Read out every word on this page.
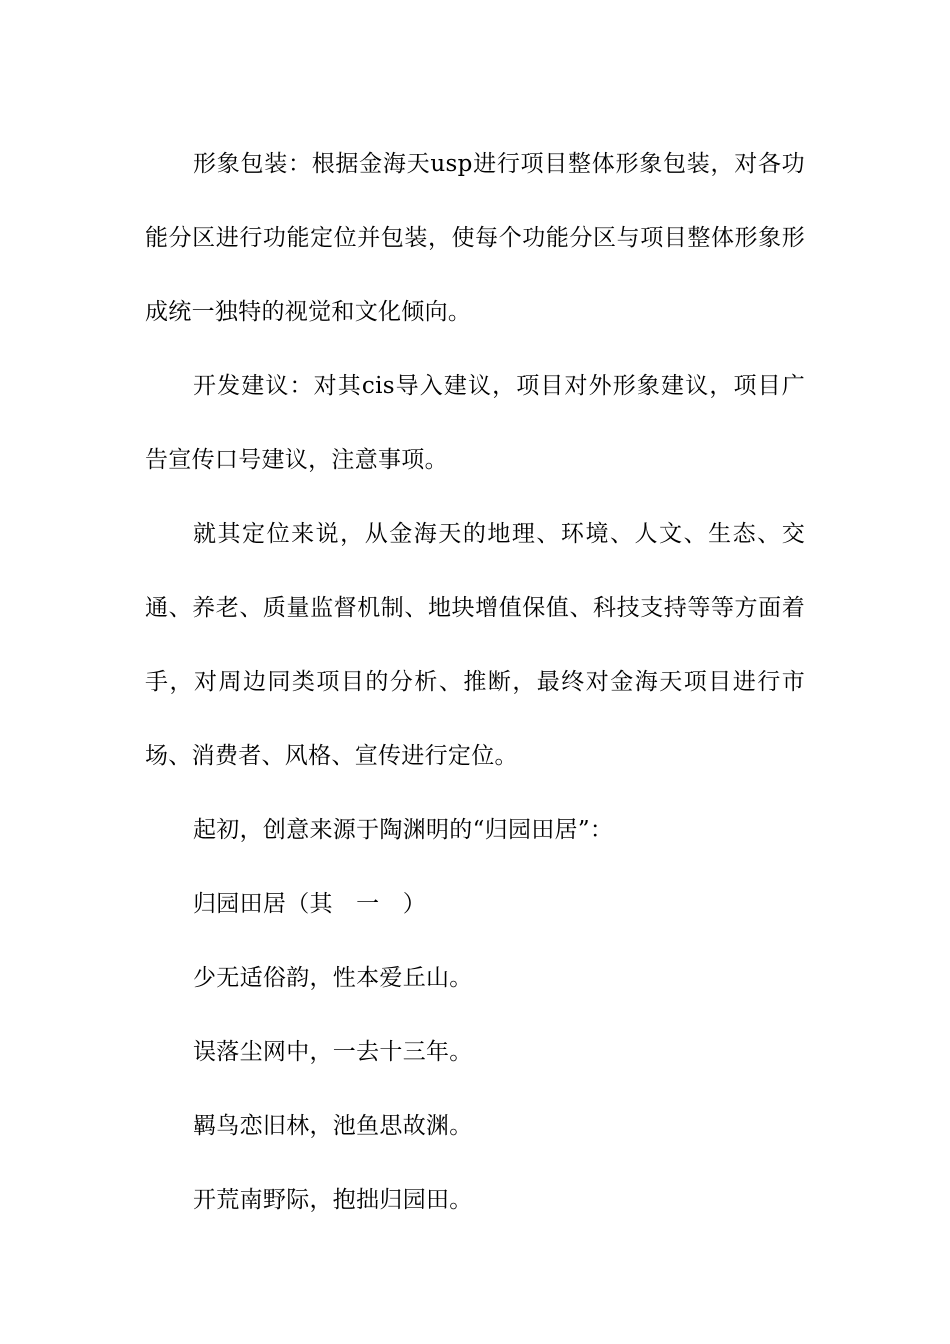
形象包装：根据金海天usp进行项目整体形象包装，对各功能分区进行功能定位并包装，使每个功能分区与项目整体形象形成统一独特的视觉和文化倾向。

开发建议：对其cis导入建议，项目对外形象建议，项目广告宣传口号建议，注意事项。

就其定位来说，从金海天的地理、环境、人文、生态、交通、养老、质量监督机制、地块增值保值、科技支持等等方面着手，对周边同类项目的分析、推断，最终对金海天项目进行市场、消费者、风格、宣传进行定位。

起初，创意来源于陶渊明的“归园田居”：

归园田居（其　一　）

少无适俗韵，性本爱丘山。

误落尘网中，一去十三年。

羁鸟恋旧林，池鱼思故渊。

开荒南野际，抱拙归园田。
